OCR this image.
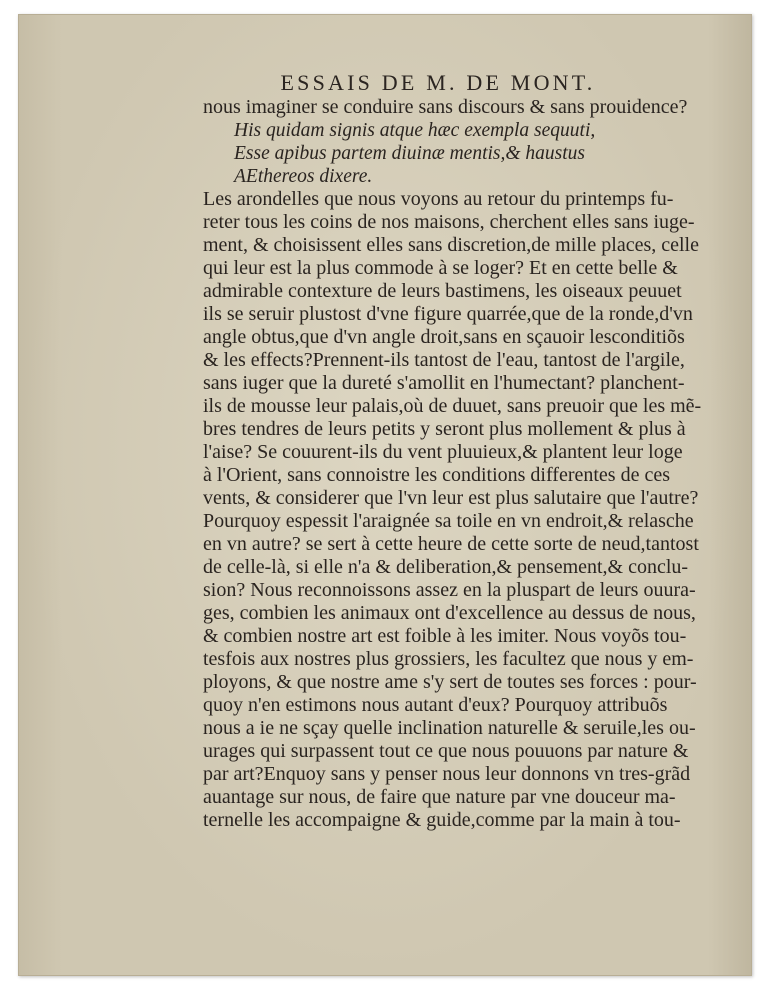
ESSAIS DE M. DE MONT.
nous imaginer se conduire sans discours & sans prouidence?
His quidam signis atque hæc exempla sequuti,
Esse apibus partem diuinæ mentis,& haustus
AEthereos dixere.
Les arondelles que nous voyons au retour du printemps fu-
reter tous les coins de nos maisons, cherchent elles sans iuge-
ment, & choisissent elles sans discretion,de mille places, celle
qui leur est la plus commode à se loger? Et en cette belle &
admirable contexture de leurs bastimens, les oiseaux peuuet
ils se seruir plustost d'vne figure quarrée,que de la ronde,d'vn
angle obtus,que d'vn angle droit,sans en sçauoir lesconditiõs
& les effects?Prennent-ils tantost de l'eau, tantost de l'argile,
sans iuger que la dureté s'amollit en l'humectant? planchent-
ils de mousse leur palais,où de duuet, sans preuoir que les mẽ-
bres tendres de leurs petits y seront plus mollement & plus à
l'aise? Se couurent-ils du vent pluuieux,& plantent leur loge
à l'Orient, sans connoistre les conditions differentes de ces
vents, & considerer que l'vn leur est plus salutaire que l'autre?
Pourquoy espessit l'araignée sa toile en vn endroit,& relasche
en vn autre? se sert à cette heure de cette sorte de neud,tantost
de celle-là, si elle n'a & deliberation,& pensement,& conclu-
sion? Nous reconnoissons assez en la pluspart de leurs ouura-
ges, combien les animaux ont d'excellence au dessus de nous,
& combien nostre art est foible à les imiter. Nous voyõs tou-
tesfois aux nostres plus grossiers, les facultez que nous y em-
ployons, & que nostre ame s'y sert de toutes ses forces : pour-
quoy n'en estimons nous autant d'eux? Pourquoy attribuõs
nous a ie ne sçay quelle inclination naturelle & seruile,les ou-
urages qui surpassent tout ce que nous pouuons par nature &
par art?Enquoy sans y penser nous leur donnons vn tres-grãd
auantage sur nous, de faire que nature par vne douceur ma-
ternelle les accompaigne & guide,comme par la main à tou-
